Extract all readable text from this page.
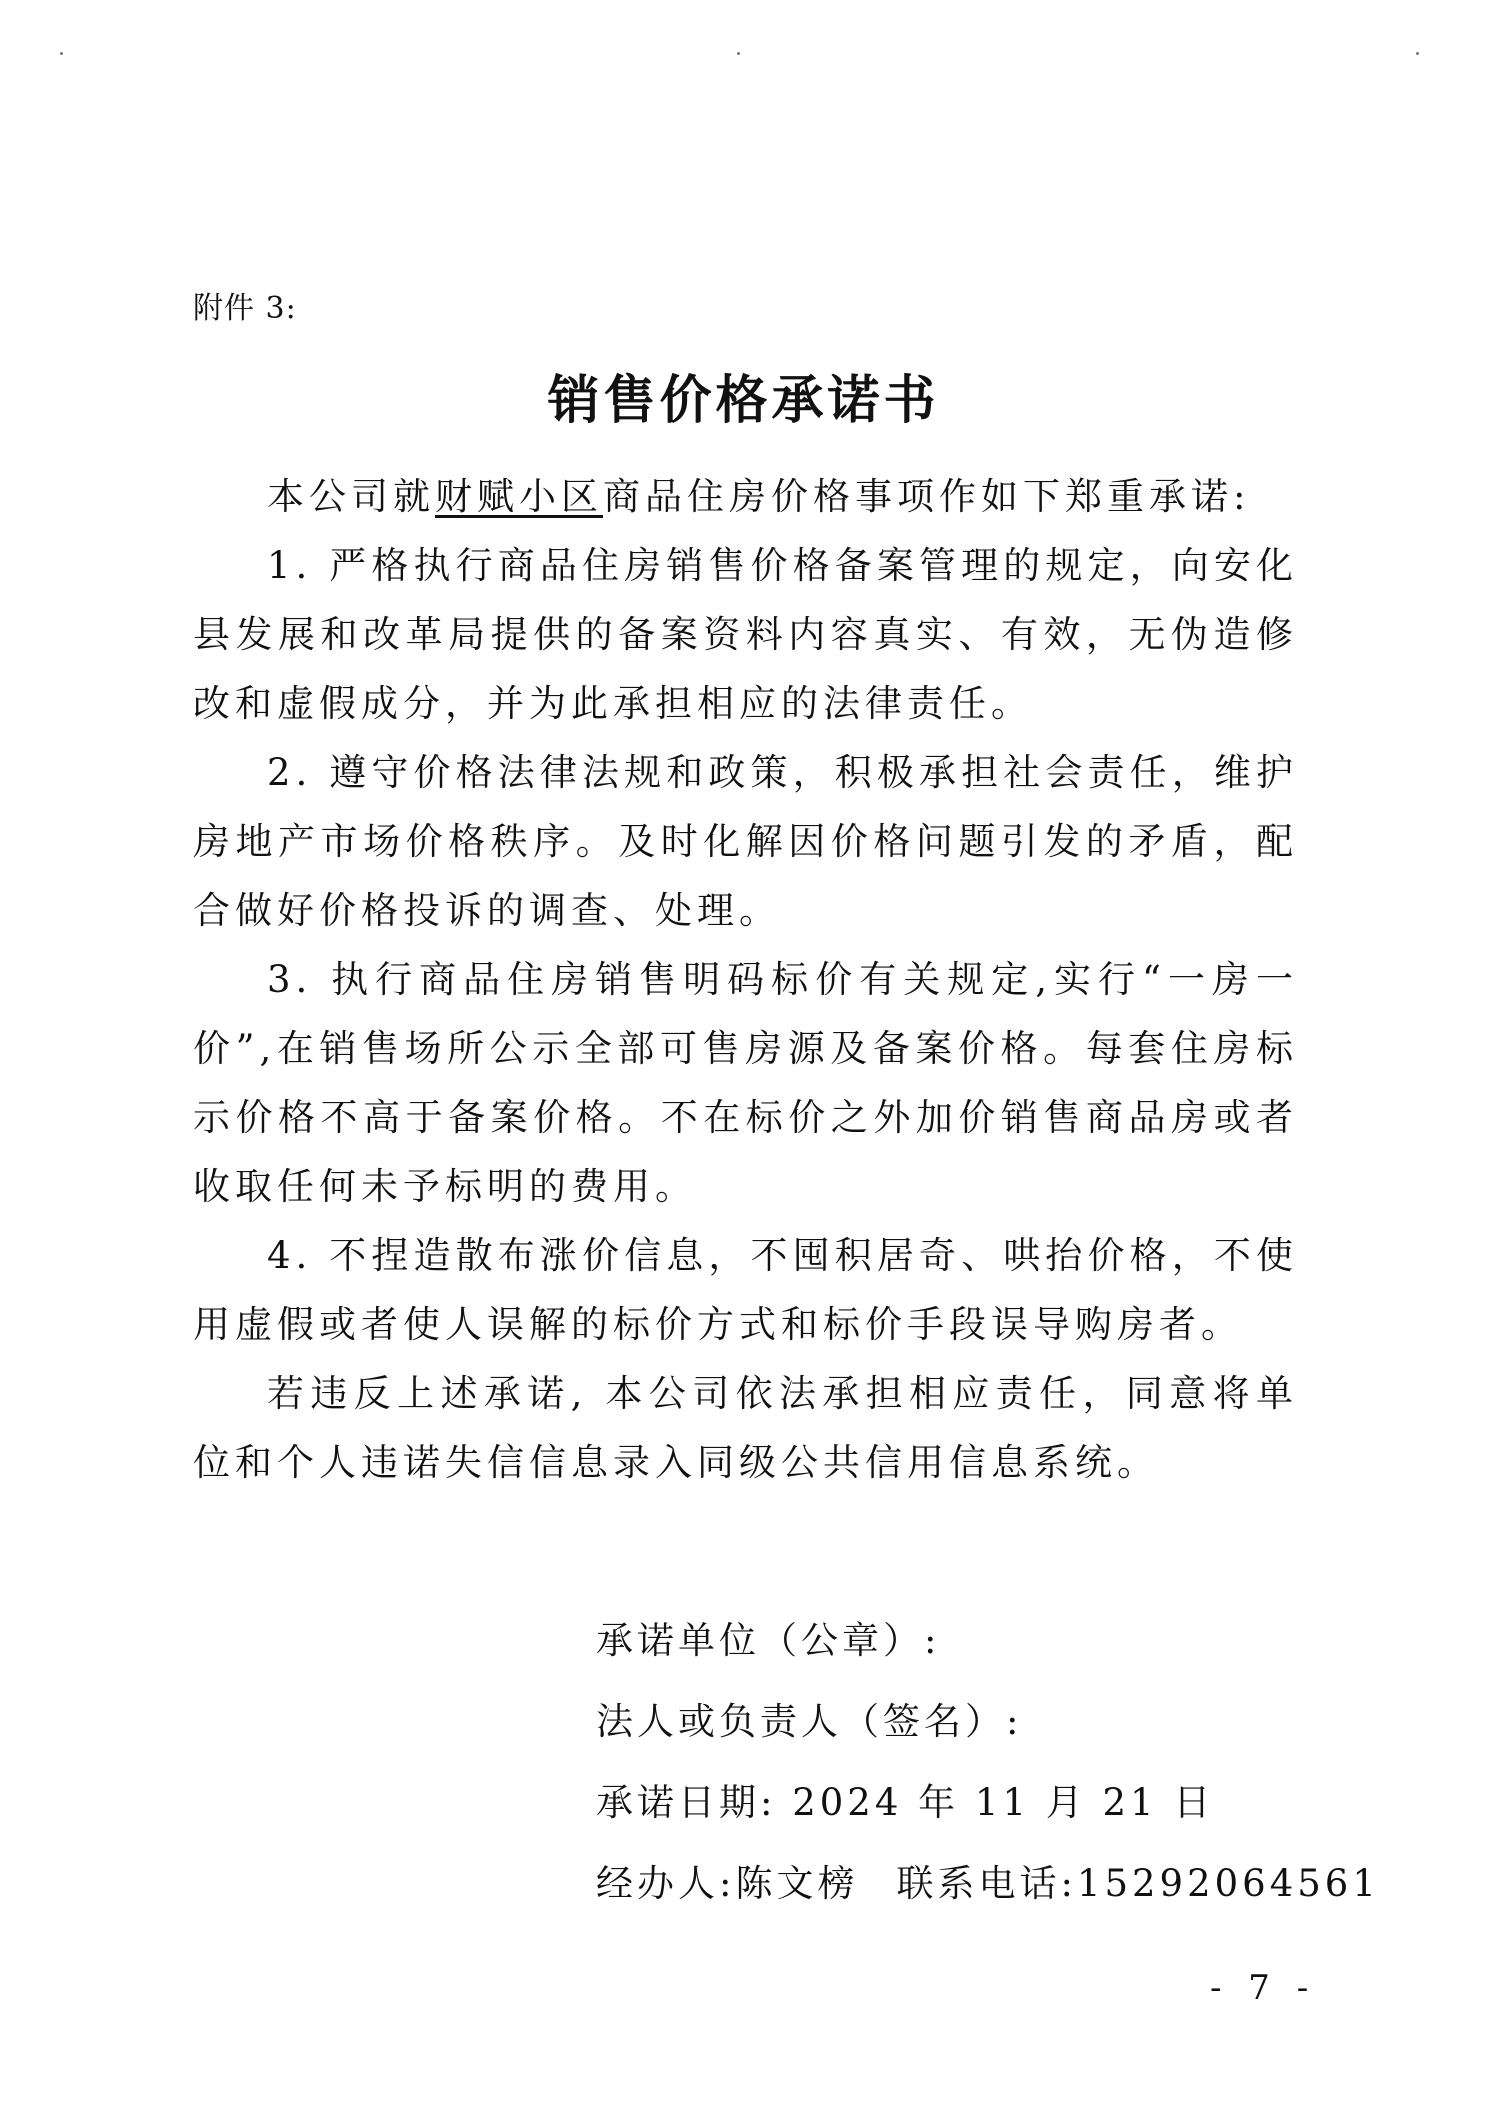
附件 3:
销售价格承诺书

本公司就财赋小区商品住房价格事项作如下郑重承诺:

1. 严格执行商品住房销售价格备案管理的规定，向安化县发展和改革局提供的备案资料内容真实、有效，无伪造修改和虚假成分，并为此承担相应的法律责任。

2. 遵守价格法律法规和政策，积极承担社会责任，维护房地产市场价格秩序。及时化解因价格问题引发的矛盾，配合做好价格投诉的调查、处理。

3. 执行商品住房销售明码标价有关规定,实行“一房一价”,在销售场所公示全部可售房源及备案价格。每套住房标示价格不高于备案价格。不在标价之外加价销售商品房或者收取任何未予标明的费用。

4. 不捏造散布涨价信息，不囤积居奇、哄抬价格，不使用虚假或者使人误解的标价方式和标价手段误导购房者。

若违反上述承诺, 本公司依法承担相应责任，同意将单位和个人违诺失信信息录入同级公共信用信息系统。

承诺单位（公章）:
法人或负责人（签名）:
承诺日期: 2024 年 11 月 21 日
经办人:陈文榜 联系电话:15292064561
- 7 -
